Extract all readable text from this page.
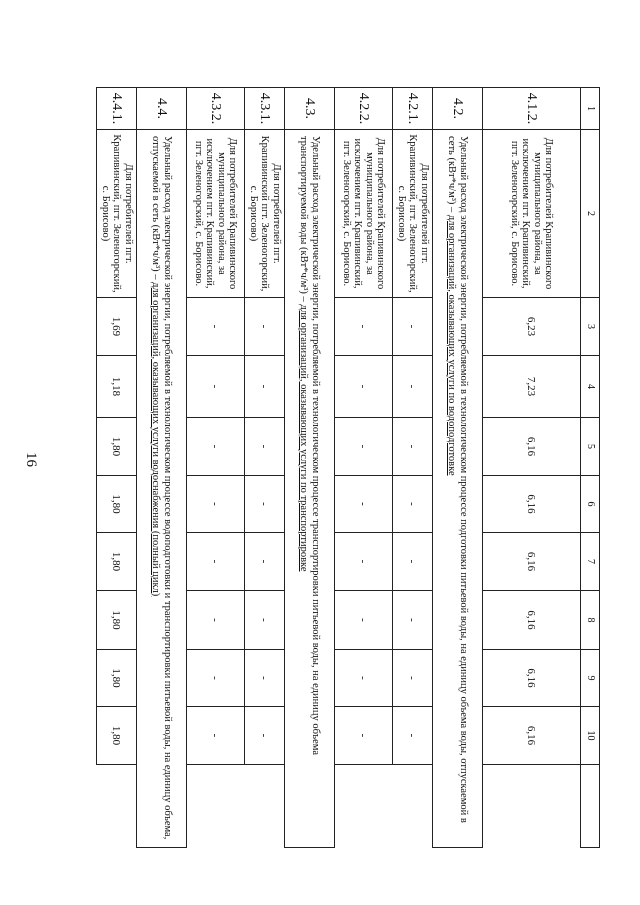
16
1	2	3	4	5	6	7	8	9	10	
4.1.2.	Для потребителей Крапивинского муниципального района, за исключением пгт. Крапивинский, пгт. Зеленогорский, с. Борисово.	6,23	7,23	6,16	6,16	6,16	6,16	6,16	6,16	
4.2.	Удельный расход электрической энергии, потребляемой в технологическом процессе подготовки питьевой воды, на единицу объема воды, отпускаемой в сеть (кВт*ч/м³) – для организаций, оказывающих услуги по водоподготовке									
4.2.1.	Для потребителей пгт. Крапивинский, пгт. Зеленогорский, с. Борисово)	-	-	-	-	-	-	-	-	
4.2.2.	Для потребителей Крапивинского муниципального района, за исключением пгт. Крапивинский, пгт. Зеленогорский, с. Борисово.	-	-	-	-	-	-	-	-	
4.3.	Удельный расход электрической энергии, потребляемой в технологическом процессе транспортировки питьевой воды, на единицу объема транспортируемой воды (кВт*ч/м³) – для организаций, оказывающих услуги по транспортировке									
4.3.1.	Для потребителей пгт. Крапивинский пгт. Зеленогорский, с. Борисово)	-	-	-	-	-	-	-	-	
4.3.2.	Для потребителей Крапивинского муниципального района, за исключением пгт. Крапивинский, пгт. Зеленогорский, с. Борисово.	-	-	-	-	-	-	-	-	
4.4.	Удельный расход электрической энергии, потребляемой в технологическом процессе водоподготовки и транспортировки питьевой воды, на единицу объема, отпускаемой в сеть (кВт*ч/м³) – для организаций, оказывающих услуги водоснабжения (полный цикл)									
4.4.1.	Для потребителей пгт. Крапивинский, пгт. Зеленогорский, с. Борисово)	1,69	1,18	1,80	1,80	1,80	1,80	1,80	1,80	
